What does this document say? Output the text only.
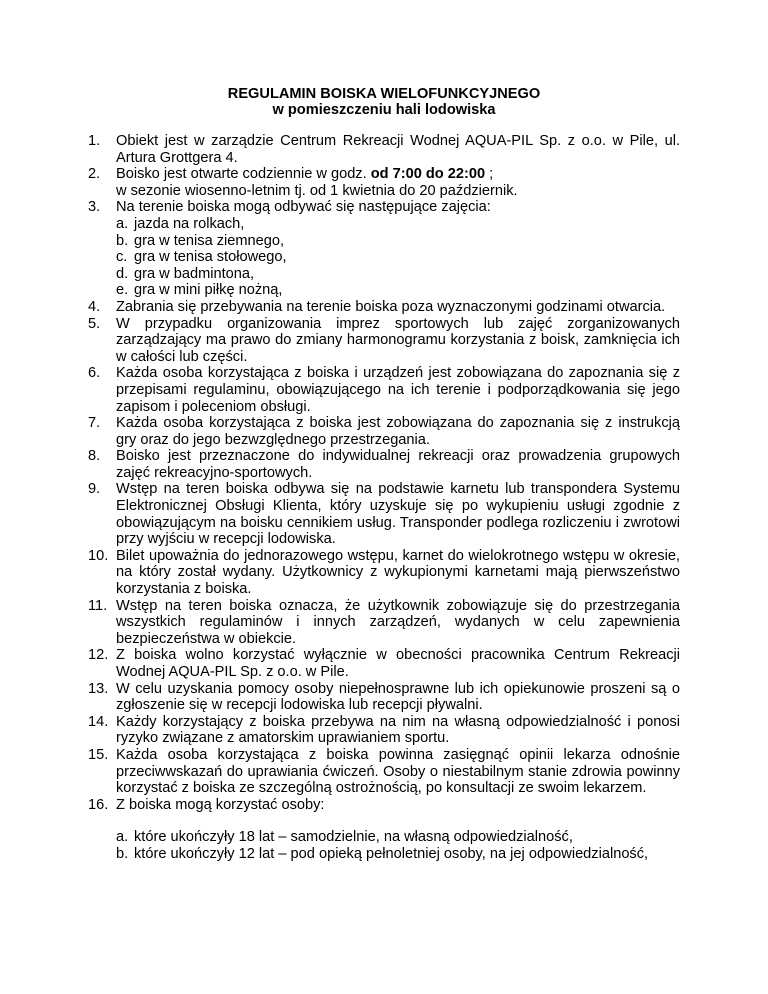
REGULAMIN BOISKA WIELOFUNKCYJNEGO
w pomieszczeniu hali lodowiska
1.	Obiekt jest w zarządzie Centrum Rekreacji Wodnej AQUA-PIL Sp. z o.o. w Pile, ul. Artura Grottgera 4.
2.	Boisko jest otwarte codziennie w godz. od 7:00 do 22:00 ;
w sezonie wiosenno-letnim tj. od 1 kwietnia do 20 październik.
3.	Na terenie boiska mogą odbywać się następujące zajęcia:
a. jazda na rolkach,
b. gra w tenisa ziemnego,
c. gra w tenisa stołowego,
d. gra w badmintona,
e. gra w mini piłkę nożną,
4.	Zabrania się przebywania na terenie boiska poza wyznaczonymi godzinami otwarcia.
5.	W przypadku organizowania imprez sportowych lub zajęć zorganizowanych zarządzający ma prawo do zmiany harmonogramu korzystania z boisk, zamknięcia ich w całości lub części.
6.	Każda osoba korzystająca z boiska i urządzeń jest zobowiązana do zapoznania się z przepisami regulaminu, obowiązującego na ich terenie i podporządkowania się jego zapisom i poleceniom obsługi.
7.	Każda osoba korzystająca z boiska jest zobowiązana do zapoznania się z instrukcją gry oraz do jego bezwzględnego przestrzegania.
8.	Boisko jest przeznaczone do indywidualnej rekreacji oraz prowadzenia grupowych zajęć rekreacyjno-sportowych.
9.	Wstęp na teren boiska odbywa się na podstawie karnetu lub transpondera Systemu Elektronicznej Obsługi Klienta, który uzyskuje się po wykupieniu usługi zgodnie z obowiązującym na boisku cennikiem usług. Transponder podlega rozliczeniu i zwrotowi przy wyjściu w recepcji lodowiska.
10. Bilet upoważnia do jednorazowego wstępu, karnet do wielokrotnego wstępu w okresie, na który został wydany. Użytkownicy z wykupionymi karnetami mają pierwszeństwo korzystania z boiska.
11. Wstęp na teren boiska oznacza, że użytkownik zobowiązuje się do przestrzegania wszystkich regulaminów i innych zarządzeń, wydanych w celu zapewnienia bezpieczeństwa w obiekcie.
12. Z boiska wolno korzystać wyłącznie w obecności pracownika Centrum Rekreacji Wodnej AQUA-PIL Sp. z o.o. w Pile.
13. W celu uzyskania pomocy osoby niepełnosprawne lub ich opiekunowie proszeni są o zgłoszenie się w recepcji lodowiska lub recepcji pływalni.
14. Każdy korzystający z boiska przebywa na nim na własną odpowiedzialność i ponosi ryzyko związane z amatorskim uprawianiem sportu.
15. Każda osoba korzystająca z boiska powinna zasięgnąć opinii lekarza odnośnie przeciwwskazań do uprawiania ćwiczeń. Osoby o niestabilnym stanie zdrowia powinny korzystać z boiska ze szczególną ostrożnością, po konsultacji ze swoim lekarzem.
16. Z boiska mogą korzystać osoby:
a. które ukończyły 18 lat – samodzielnie, na własną odpowiedzialność,
b. które ukończyły 12 lat – pod opieką pełnoletniej osoby, na jej odpowiedzialność,
